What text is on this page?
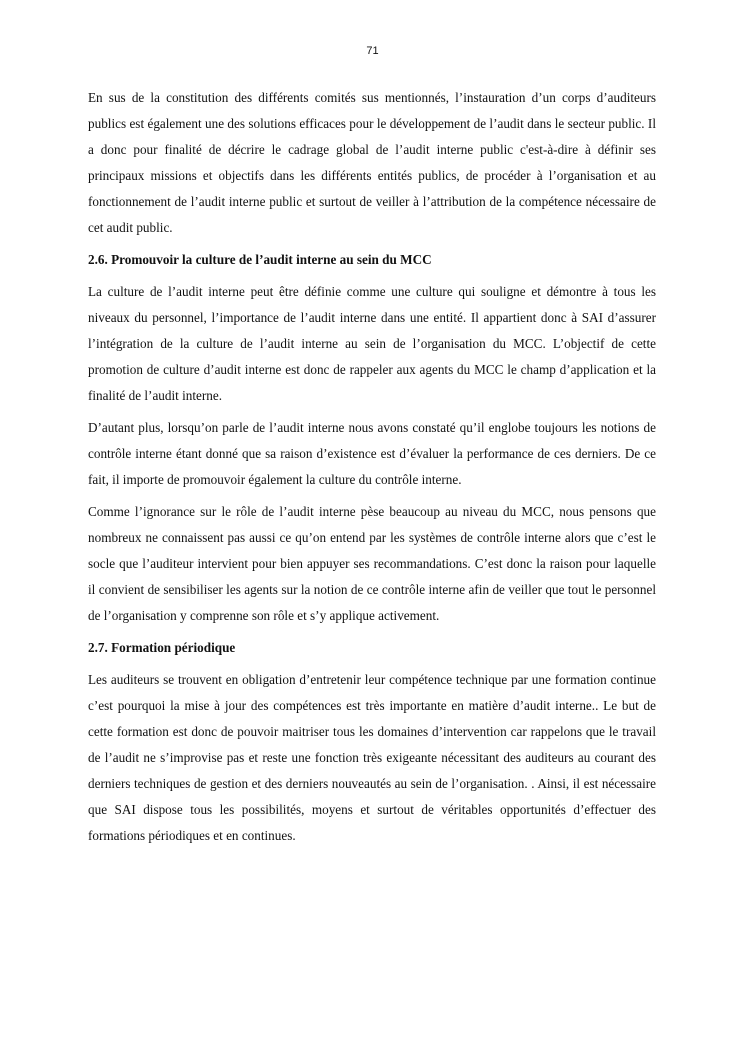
71

En sus de la constitution des différents comités sus mentionnés, l’instauration d’un corps d’auditeurs publics est également une des solutions efficaces pour le développement de l’audit dans le secteur public. Il a donc pour finalité de décrire le cadrage global de l’audit interne public c'est-à-dire à définir ses principaux missions et objectifs dans les différents entités publics, de procéder à l’organisation et au fonctionnement de l’audit interne public et surtout de veiller à l’attribution de la compétence nécessaire de cet audit public.

2.6. Promouvoir la culture de l’audit interne au sein du MCC

La culture de l’audit interne peut être définie comme une culture qui souligne et démontre à tous les niveaux du personnel, l’importance de l’audit interne dans une entité. Il appartient donc à SAI d’assurer l’intégration de la culture de l’audit interne au sein de l’organisation du MCC. L’objectif de cette promotion de culture d’audit interne est donc de rappeler aux agents du MCC le champ d’application et la finalité de l’audit interne.

D’autant plus, lorsqu’on parle de l’audit interne nous avons constaté qu’il englobe toujours les notions de contrôle interne étant donné que sa raison d’existence est d’évaluer la performance de ces derniers. De ce fait, il importe de promouvoir également la culture du contrôle interne.

Comme l’ignorance sur le rôle de l’audit interne pèse beaucoup au niveau du MCC, nous pensons que nombreux ne connaissent pas aussi ce qu’on entend par les systèmes de contrôle interne alors que c’est le socle que l’auditeur intervient pour bien appuyer ses recommandations. C’est donc la raison pour laquelle il convient de sensibiliser les agents sur la notion de ce contrôle interne afin de veiller que tout le personnel de l’organisation y comprenne son rôle et s’y applique activement.

2.7. Formation périodique

Les auditeurs se trouvent en obligation d’entretenir leur compétence technique par une formation continue c’est pourquoi la mise à jour des compétences est très importante en matière d’audit interne.. Le but de cette formation est donc de pouvoir maitriser tous les domaines d’intervention car rappelons que le travail de l’audit ne s’improvise pas et reste une fonction très exigeante nécessitant des auditeurs au courant des derniers techniques de gestion et des derniers nouveautés au sein de l’organisation. . Ainsi, il est nécessaire que SAI dispose tous les possibilités, moyens et surtout de véritables opportunités d’effectuer des formations périodiques et en continues.
